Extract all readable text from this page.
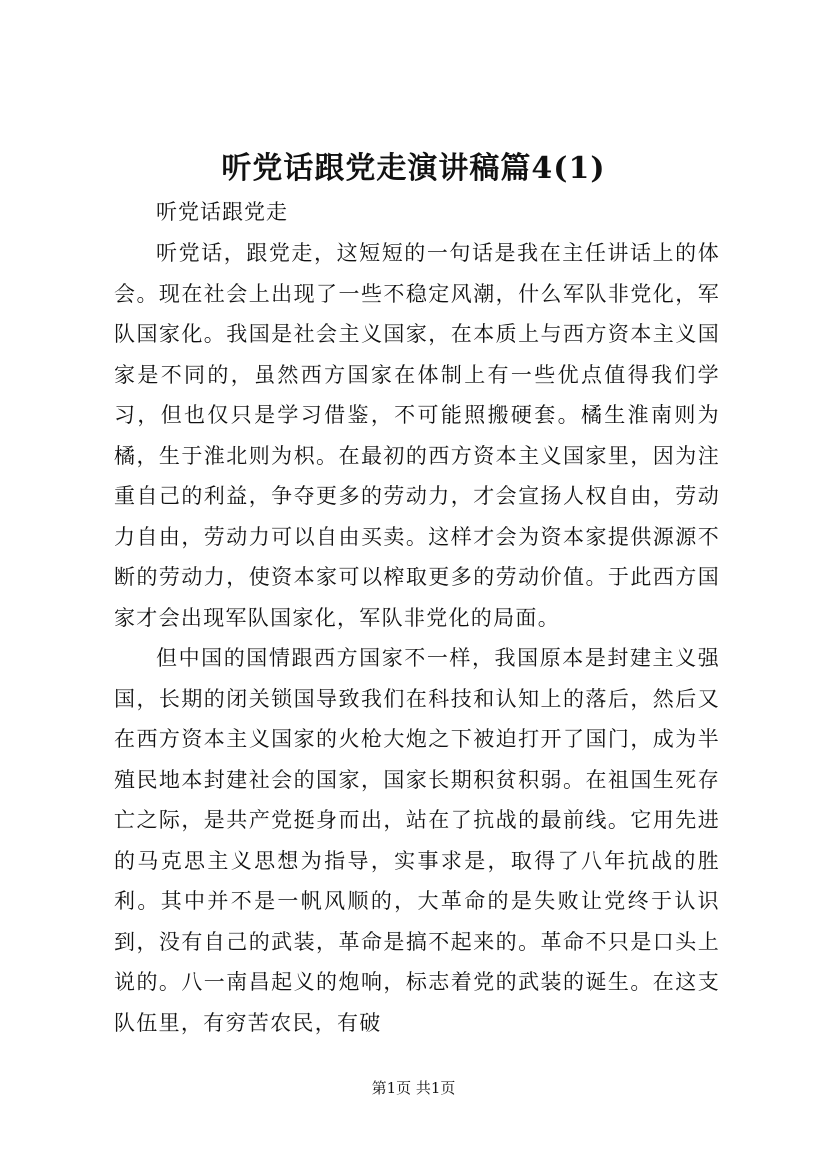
听党话跟党走演讲稿篇4(1)
听党话跟党走

听党话，跟党走，这短短的一句话是我在主任讲话上的体会。现在社会上出现了一些不稳定风潮，什么军队非党化，军队国家化。我国是社会主义国家，在本质上与西方资本主义国家是不同的，虽然西方国家在体制上有一些优点值得我们学习，但也仅只是学习借鉴，不可能照搬硬套。橘生淮南则为橘，生于淮北则为枳。在最初的西方资本主义国家里，因为注重自己的利益，争夺更多的劳动力，才会宣扬人权自由，劳动力自由，劳动力可以自由买卖。这样才会为资本家提供源源不断的劳动力，使资本家可以榨取更多的劳动价值。于此西方国家才会出现军队国家化，军队非党化的局面。

但中国的国情跟西方国家不一样，我国原本是封建主义强国，长期的闭关锁国导致我们在科技和认知上的落后，然后又在西方资本主义国家的火枪大炮之下被迫打开了国门，成为半殖民地本封建社会的国家，国家长期积贫积弱。在祖国生死存亡之际，是共产党挺身而出，站在了抗战的最前线。它用先进的马克思主义思想为指导，实事求是，取得了八年抗战的胜利。其中并不是一帆风顺的，大革命的是失败让党终于认识到，没有自己的武装，革命是搞不起来的。革命不只是口头上说的。八一南昌起义的炮响，标志着党的武装的诞生。在这支队伍里，有穷苦农民，有破

第1页 共1页
